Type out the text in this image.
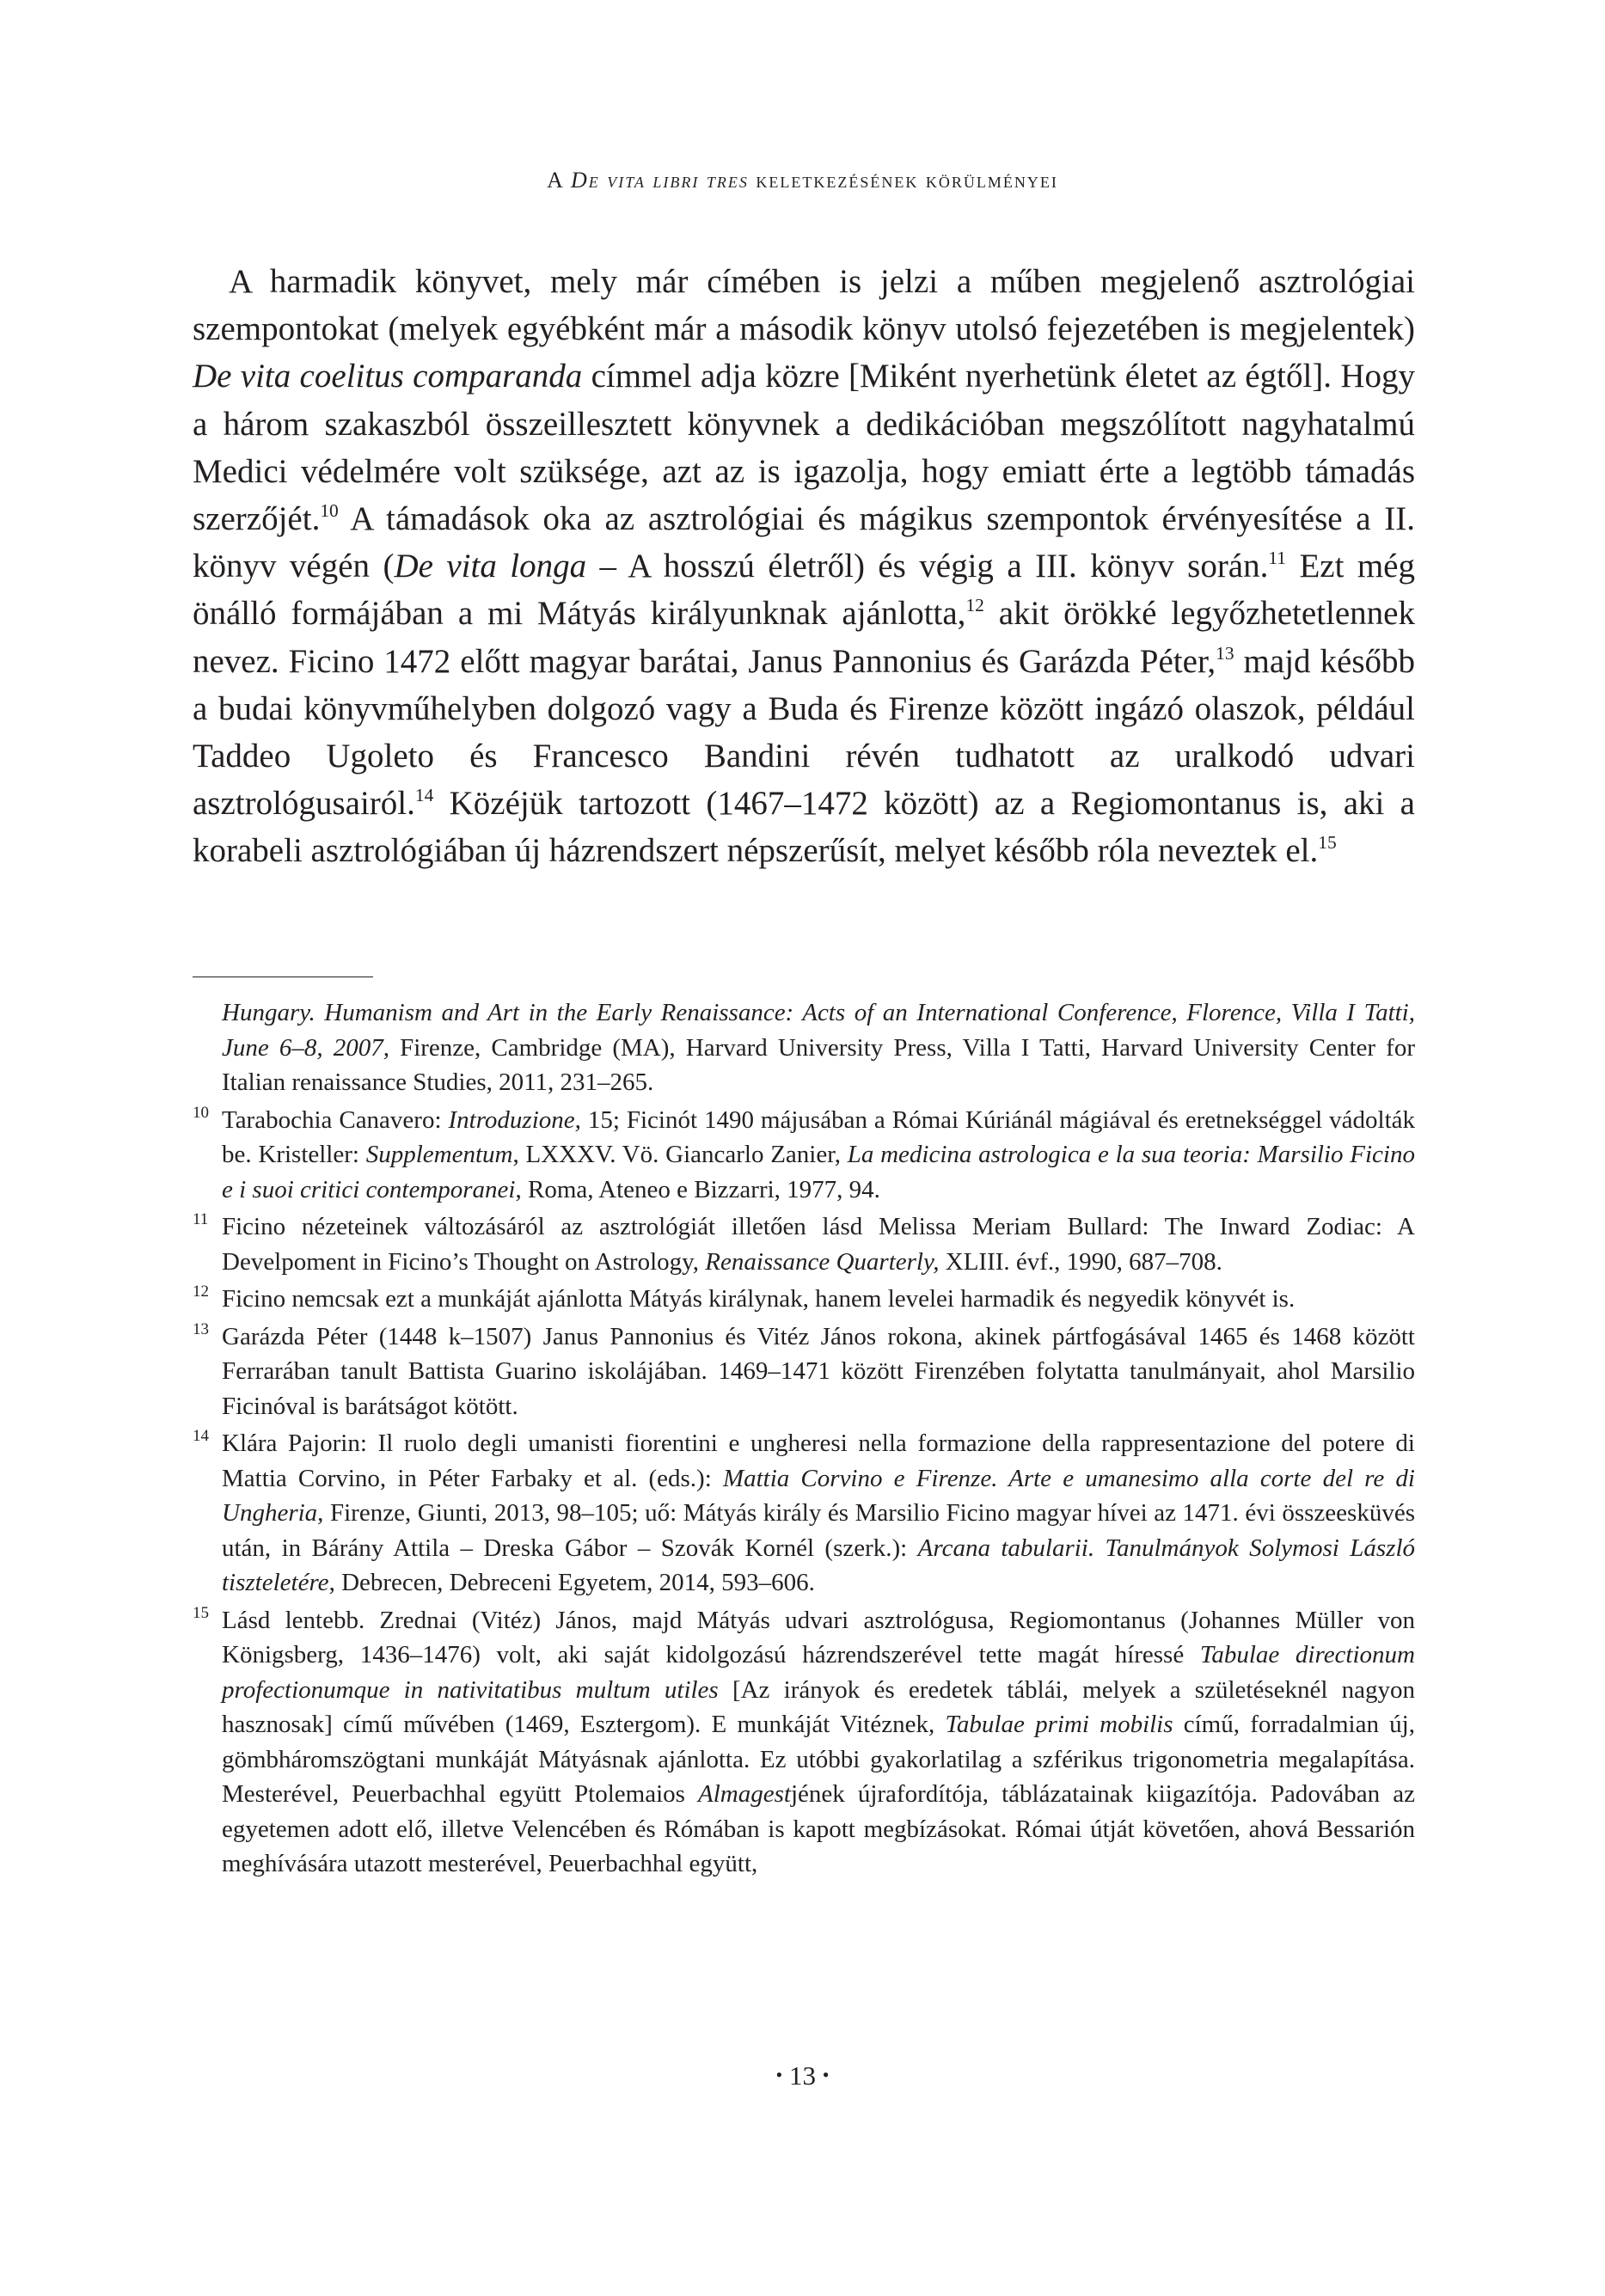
A De vita libri tres keletkezésének körülményei

A harmadik könyvet, mely már címében is jelzi a műben megjelenő asztrológiai szempontokat (melyek egyébként már a második könyv utolsó fejezetében is megjelentek) De vita coelitus comparanda címmel adja közre [Miként nyerhetünk életet az égtől]. Hogy a három szakaszból összeillesztett könyvnek a dedikációban megszólított nagyhatalmú Medici védelmére volt szüksége, azt az is igazolja, hogy emiatt érte a legtöbb támadás szerzőjét.$^{10}$ A támadások oka az asztrológiai és mágikus szempontok érvényesítése a II. könyv végén (De vita longa – A hosszú életről) és végig a III. könyv során.$^{11}$ Ezt még önálló formájában a mi Mátyás királyunknak ajánlotta,$^{12}$ akit örökké legyőzhetetlennek nevez. Ficino 1472 előtt magyar barátai, Janus Pannonius és Garázda Péter,$^{13}$ majd később a budai könyvműhelyben dolgozó vagy a Buda és Firenze között ingázó olaszok, például Taddeo Ugoleto és Francesco Bandini révén tudhatott az uralkodó udvari asztrológusairól.$^{14}$ Közéjük tartozott (1467–1472 között) az a Regiomontanus is, aki a korabeli asztrológiában új házrendszert népszerűsít, melyet később róla neveztek el.$^{15}$

Hungary. Humanism and Art in the Early Renaissance: Acts of an International Conference, Florence, Villa I Tatti, June 6–8, 2007, Firenze, Cambridge (MA), Harvard University Press, Villa I Tatti, Harvard University Center for Italian renaissance Studies, 2011, 231–265.
10 Tarabochia Canavero: Introduzione, 15; Ficinót 1490 májusában a Római Kúriánál mágiával és eretnekséggel vádolták be. Kristeller: Supplementum, LXXXV. Vö. Giancarlo Zanier, La medicina astrologica e la sua teoria: Marsilio Ficino e i suoi critici contemporanei, Roma, Ateneo e Bizzarri, 1977, 94.
11 Ficino nézeteinek változásáról az asztrológiát illetően lásd Melissa Meriam Bullard: The Inward Zodiac: A Develpoment in Ficino’s Thought on Astrology, Renaissance Quarterly, XLIII. évf., 1990, 687–708.
12 Ficino nemcsak ezt a munkáját ajánlotta Mátyás királynak, hanem levelei harmadik és negyedik könyvét is.
13 Garázda Péter (1448 k–1507) Janus Pannonius és Vitéz János rokona, akinek pártfogásával 1465 és 1468 között Ferrarában tanult Battista Guarino iskolájában. 1469–1471 között Firenzében folytatta tanulmányait, ahol Marsilio Ficinóval is barátságot kötött.
14 Klára Pajorin: Il ruolo degli umanisti fiorentini e ungheresi nella formazione della rappresentazione del potere di Mattia Corvino, in Péter Farbaky et al. (eds.): Mattia Corvino e Firenze. Arte e umanesimo alla corte del re di Ungheria, Firenze, Giunti, 2013, 98–105; uő: Mátyás király és Marsilio Ficino magyar hívei az 1471. évi összeesküvés után, in Bárány Attila – Dreska Gábor – Szovák Kornél (szerk.): Arcana tabularii. Tanulmányok Solymosi László tiszteletére, Debrecen, Debreceni Egyetem, 2014, 593–606.
15 Lásd lentebb. Zrednai (Vitéz) János, majd Mátyás udvari asztrológusa, Regiomontanus (Johannes Müller von Königsberg, 1436–1476) volt, aki saját kidolgozású házrendszerével tette magát híressé Tabulae directionum profectionumque in nativitatibus multum utiles [Az irányok és eredetek táblái, melyek a születéseknél nagyon hasznosak] című művében (1469, Esztergom). E munkáját Vitéznek, Tabulae primi mobilis című, forradalmian új, gömbháromszögtani munkáját Mátyásnak ajánlotta. Ez utóbbi gyakorlatilag a szférikus trigonometria megalapítása. Mesterével, Peuerbachhal együtt Ptolemaios Almagestjének újrafordítója, táblázatainak kiigazítója. Padovában az egyetemen adott elő, illetve Velencében és Rómában is kapott megbízásokat. Római útját követően, ahová Bessarión meghívására utazott mesterével, Peuerbachhal együtt,
• 13 •
